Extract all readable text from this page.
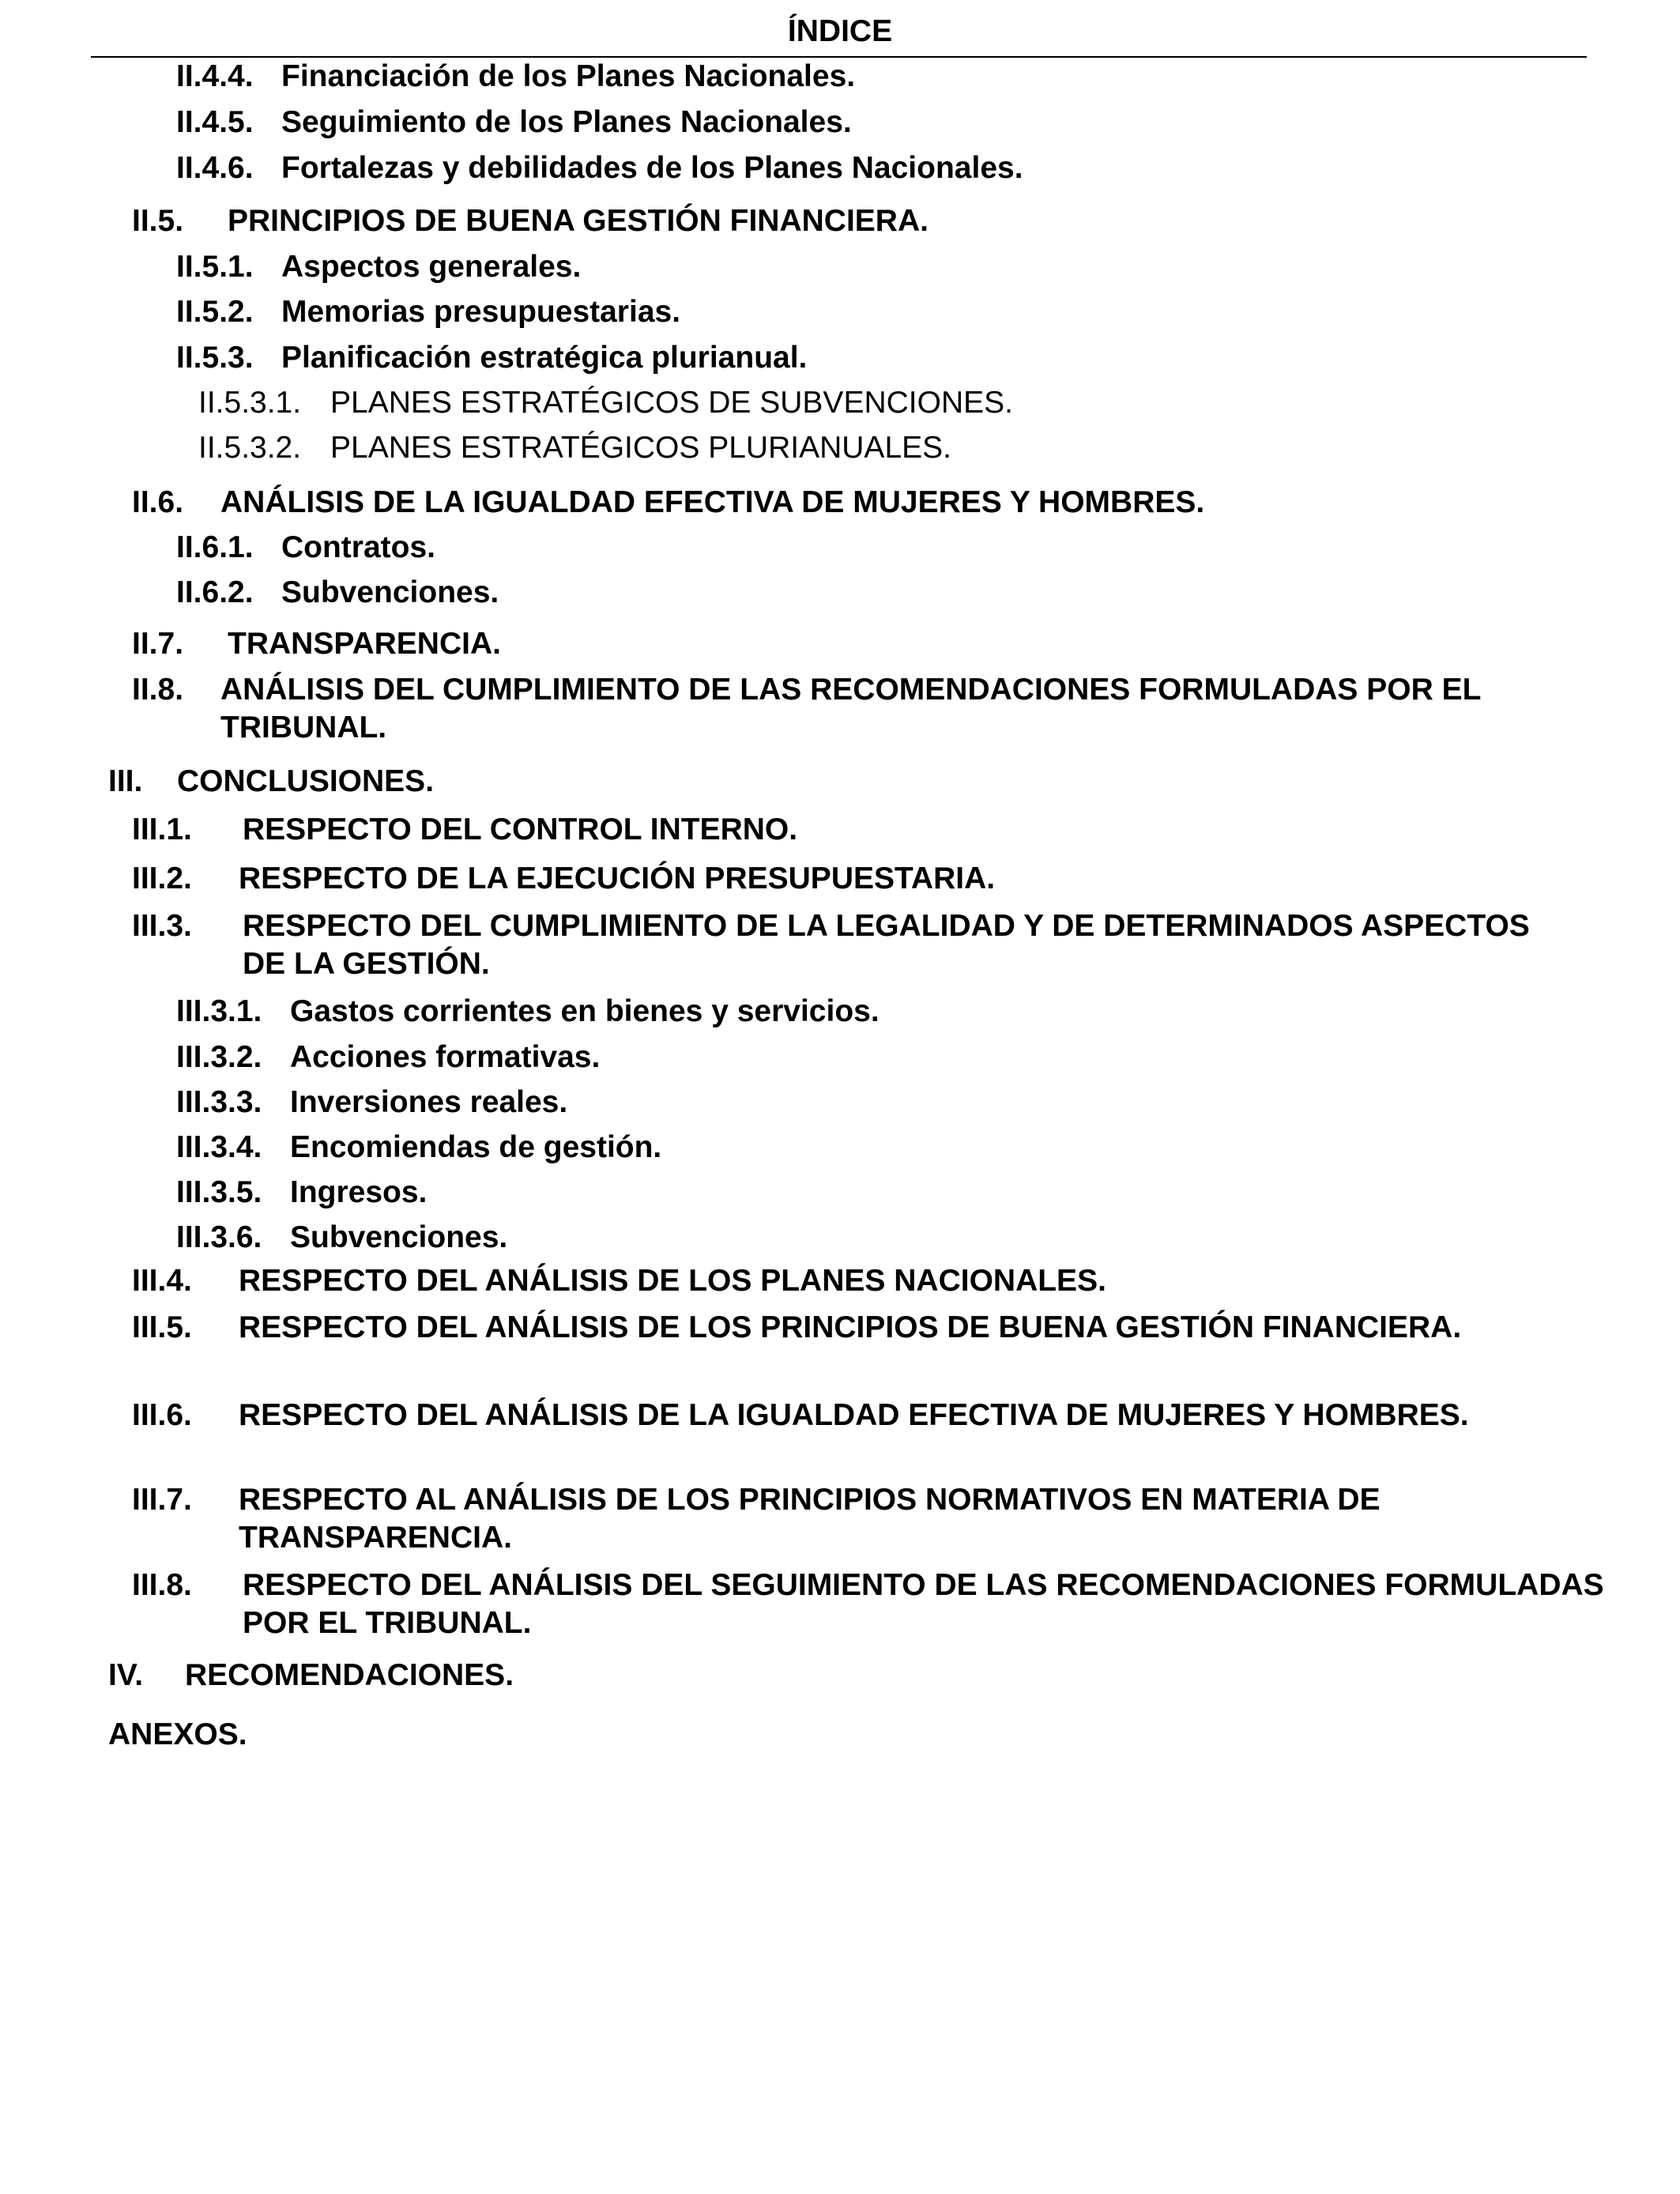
ÍNDICE
II.4.4. Financiación de los Planes Nacionales.
II.4.5. Seguimiento de los Planes Nacionales.
II.4.6. Fortalezas y debilidades de los Planes Nacionales.
II.5. PRINCIPIOS DE BUENA GESTIÓN FINANCIERA.
II.5.1. Aspectos generales.
II.5.2. Memorias presupuestarias.
II.5.3. Planificación estratégica plurianual.
II.5.3.1. PLANES ESTRATÉGICOS DE SUBVENCIONES.
II.5.3.2. PLANES ESTRATÉGICOS PLURIANUALES.
II.6. ANÁLISIS DE LA IGUALDAD EFECTIVA DE MUJERES Y HOMBRES.
II.6.1. Contratos.
II.6.2. Subvenciones.
II.7. TRANSPARENCIA.
II.8. ANÁLISIS DEL CUMPLIMIENTO DE LAS RECOMENDACIONES FORMULADAS POR EL TRIBUNAL.
III. CONCLUSIONES.
III.1. RESPECTO DEL CONTROL INTERNO.
III.2. RESPECTO DE LA EJECUCIÓN PRESUPUESTARIA.
III.3. RESPECTO DEL CUMPLIMIENTO DE LA LEGALIDAD Y DE DETERMINADOS ASPECTOS DE LA GESTIÓN.
III.3.1. Gastos corrientes en bienes y servicios.
III.3.2. Acciones formativas.
III.3.3. Inversiones reales.
III.3.4. Encomiendas de gestión.
III.3.5. Ingresos.
III.3.6. Subvenciones.
III.4. RESPECTO DEL ANÁLISIS DE LOS PLANES NACIONALES.
III.5. RESPECTO DEL ANÁLISIS DE LOS PRINCIPIOS DE BUENA GESTIÓN FINANCIERA.
III.6. RESPECTO DEL ANÁLISIS DE LA IGUALDAD EFECTIVA DE MUJERES Y HOMBRES.
III.7. RESPECTO AL ANÁLISIS DE LOS PRINCIPIOS NORMATIVOS EN MATERIA DE TRANSPARENCIA.
III.8. RESPECTO DEL ANÁLISIS DEL SEGUIMIENTO DE LAS RECOMENDACIONES FORMULADAS POR EL TRIBUNAL.
IV. RECOMENDACIONES.
ANEXOS.
